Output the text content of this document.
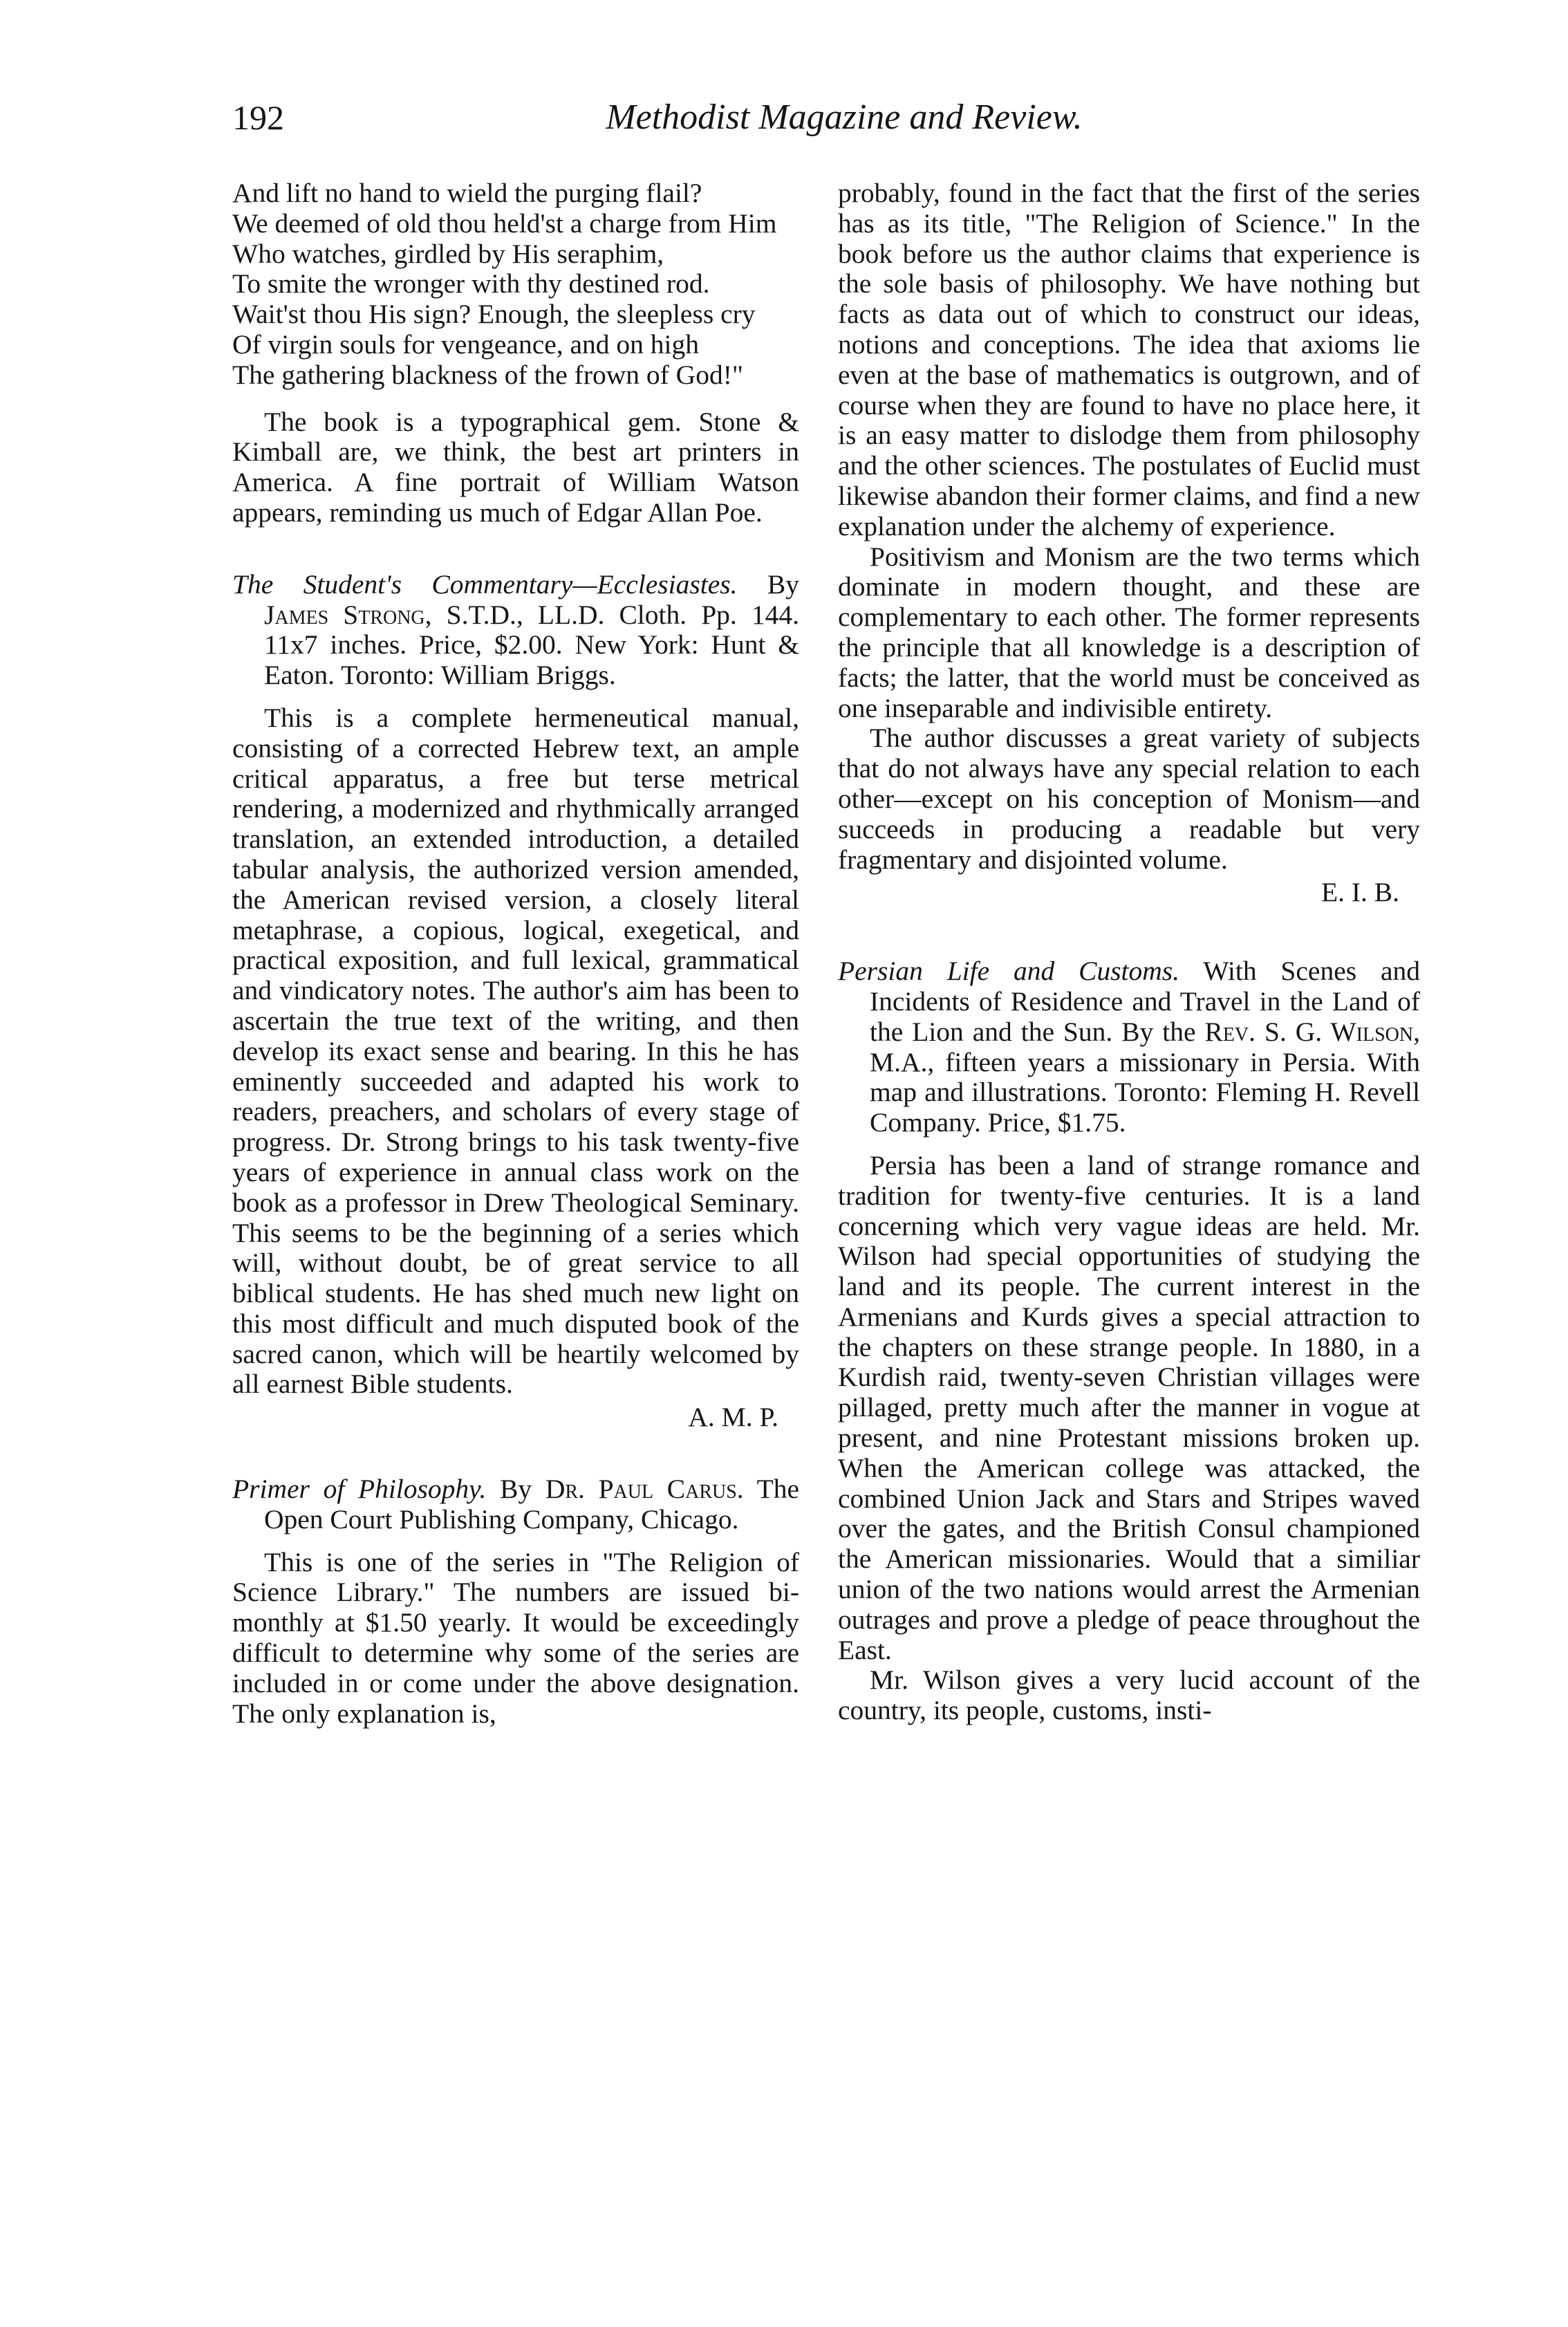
192	Methodist Magazine and Review.
And lift no hand to wield the purging flail?
We deemed of old thou held'st a charge from Him
Who watches, girdled by His seraphim,
To smite the wronger with thy destined rod.
Wait'st thou His sign? Enough, the sleepless cry
Of virgin souls for vengeance, and on high
The gathering blackness of the frown of God!"

The book is a typographical gem. Stone & Kimball are, we think, the best art printers in America. A fine portrait of William Watson appears, reminding us much of Edgar Allan Poe.

The Student's Commentary—Ecclesiastes. By James Strong, S.T.D., LL.D. Cloth. Pp. 144. 11x7 inches. Price, $2.00. New York: Hunt & Eaton. Toronto: William Briggs.

This is a complete hermeneutical manual, consisting of a corrected Hebrew text, an ample critical apparatus, a free but terse metrical rendering, a modernized and rhythmically arranged translation, an extended introduction, a detailed tabular analysis, the authorized version amended, the American revised version, a closely literal metaphrase, a copious, logical, exegetical, and practical exposition, and full lexical, grammatical and vindicatory notes. The author's aim has been to ascertain the true text of the writing, and then develop its exact sense and bearing. In this he has eminently succeeded and adapted his work to readers, preachers, and scholars of every stage of progress. Dr. Strong brings to his task twenty-five years of experience in annual class work on the book as a professor in Drew Theological Seminary. This seems to be the beginning of a series which will, without doubt, be of great service to all biblical students. He has shed much new light on this most difficult and much disputed book of the sacred canon, which will be heartily welcomed by all earnest Bible students.

A. M. P.
Primer of Philosophy. By Dr. Paul Carus. The Open Court Publishing Company, Chicago.

This is one of the series in "The Religion of Science Library." The numbers are issued bi-monthly at $1.50 yearly. It would be exceedingly difficult to determine why some of the series are included in or come under the above designation. The only explanation is,

probably, found in the fact that the first of the series has as its title, "The Religion of Science." In the book before us the author claims that experience is the sole basis of philosophy. We have nothing but facts as data out of which to construct our ideas, notions and conceptions. The idea that axioms lie even at the base of mathematics is outgrown, and of course when they are found to have no place here, it is an easy matter to dislodge them from philosophy and the other sciences. The postulates of Euclid must likewise abandon their former claims, and find a new explanation under the alchemy of experience.

Positivism and Monism are the two terms which dominate in modern thought, and these are complementary to each other. The former represents the principle that all knowledge is a description of facts; the latter, that the world must be conceived as one inseparable and indivisible entirety.

The author discusses a great variety of subjects that do not always have any special relation to each other—except on his conception of Monism—and succeeds in producing a readable but very fragmentary and disjointed volume.

E. I. B.
Persian Life and Customs. With Scenes and Incidents of Residence and Travel in the Land of the Lion and the Sun. By the Rev. S. G. Wilson, M.A., fifteen years a missionary in Persia. With map and illustrations. Toronto: Fleming H. Revell Company. Price, $1.75.

Persia has been a land of strange romance and tradition for twenty-five centuries. It is a land concerning which very vague ideas are held. Mr. Wilson had special opportunities of studying the land and its people. The current interest in the Armenians and Kurds gives a special attraction to the chapters on these strange people. In 1880, in a Kurdish raid, twenty-seven Christian villages were pillaged, pretty much after the manner in vogue at present, and nine Protestant missions broken up. When the American college was attacked, the combined Union Jack and Stars and Stripes waved over the gates, and the British Consul championed the American missionaries. Would that a similiar union of the two nations would arrest the Armenian outrages and prove a pledge of peace throughout the East.

Mr. Wilson gives a very lucid account of the country, its people, customs, insti-
